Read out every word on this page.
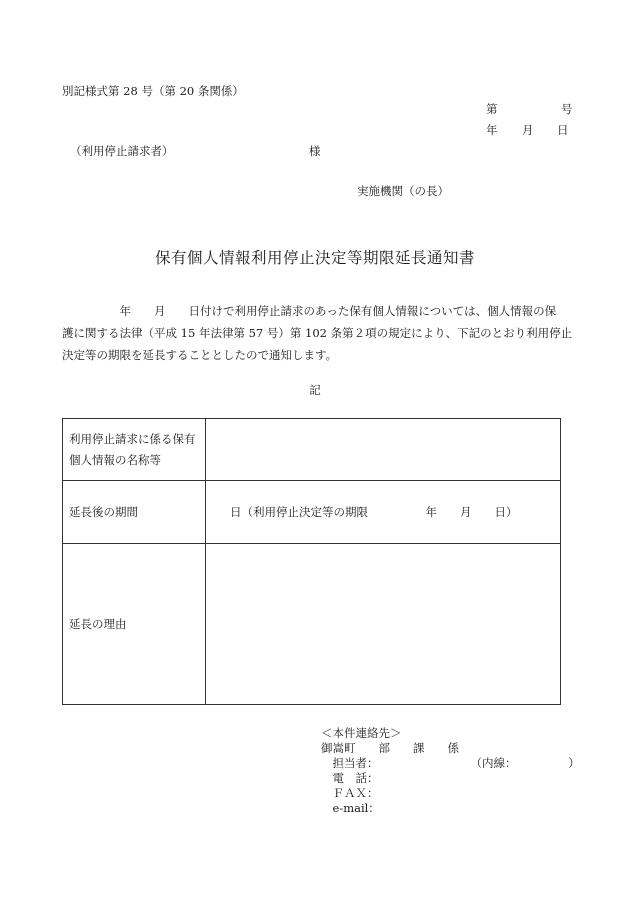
別記様式第 28 号（第 20 条関係）
第	号
年 月 日
（利用停止請求者）	様
実施機関（の長）
保有個人情報利用停止決定等期限延長通知書
　　　　　年　　月　　日付けで利用停止請求のあった保有個人情報については、個人情報の保
護に関する法律（平成 15 年法律第 57 号）第 102 条第２項の規定により、下記のとおり利用停止
決定等の期限を延長することとしたので通知します。
記
利用停止請求に係る保有
個人情報の名称等	
延長後の期間	日（利用停止決定等の期限　　　　　年　　月　　日）
延長の理由	
＜本件連絡先＞
御嵩町　　部　　課　　係
　担当者：　　　　　　　　　（内線：　　　　　）
　電　話：
　ＦＡＸ：
　e-mail：
